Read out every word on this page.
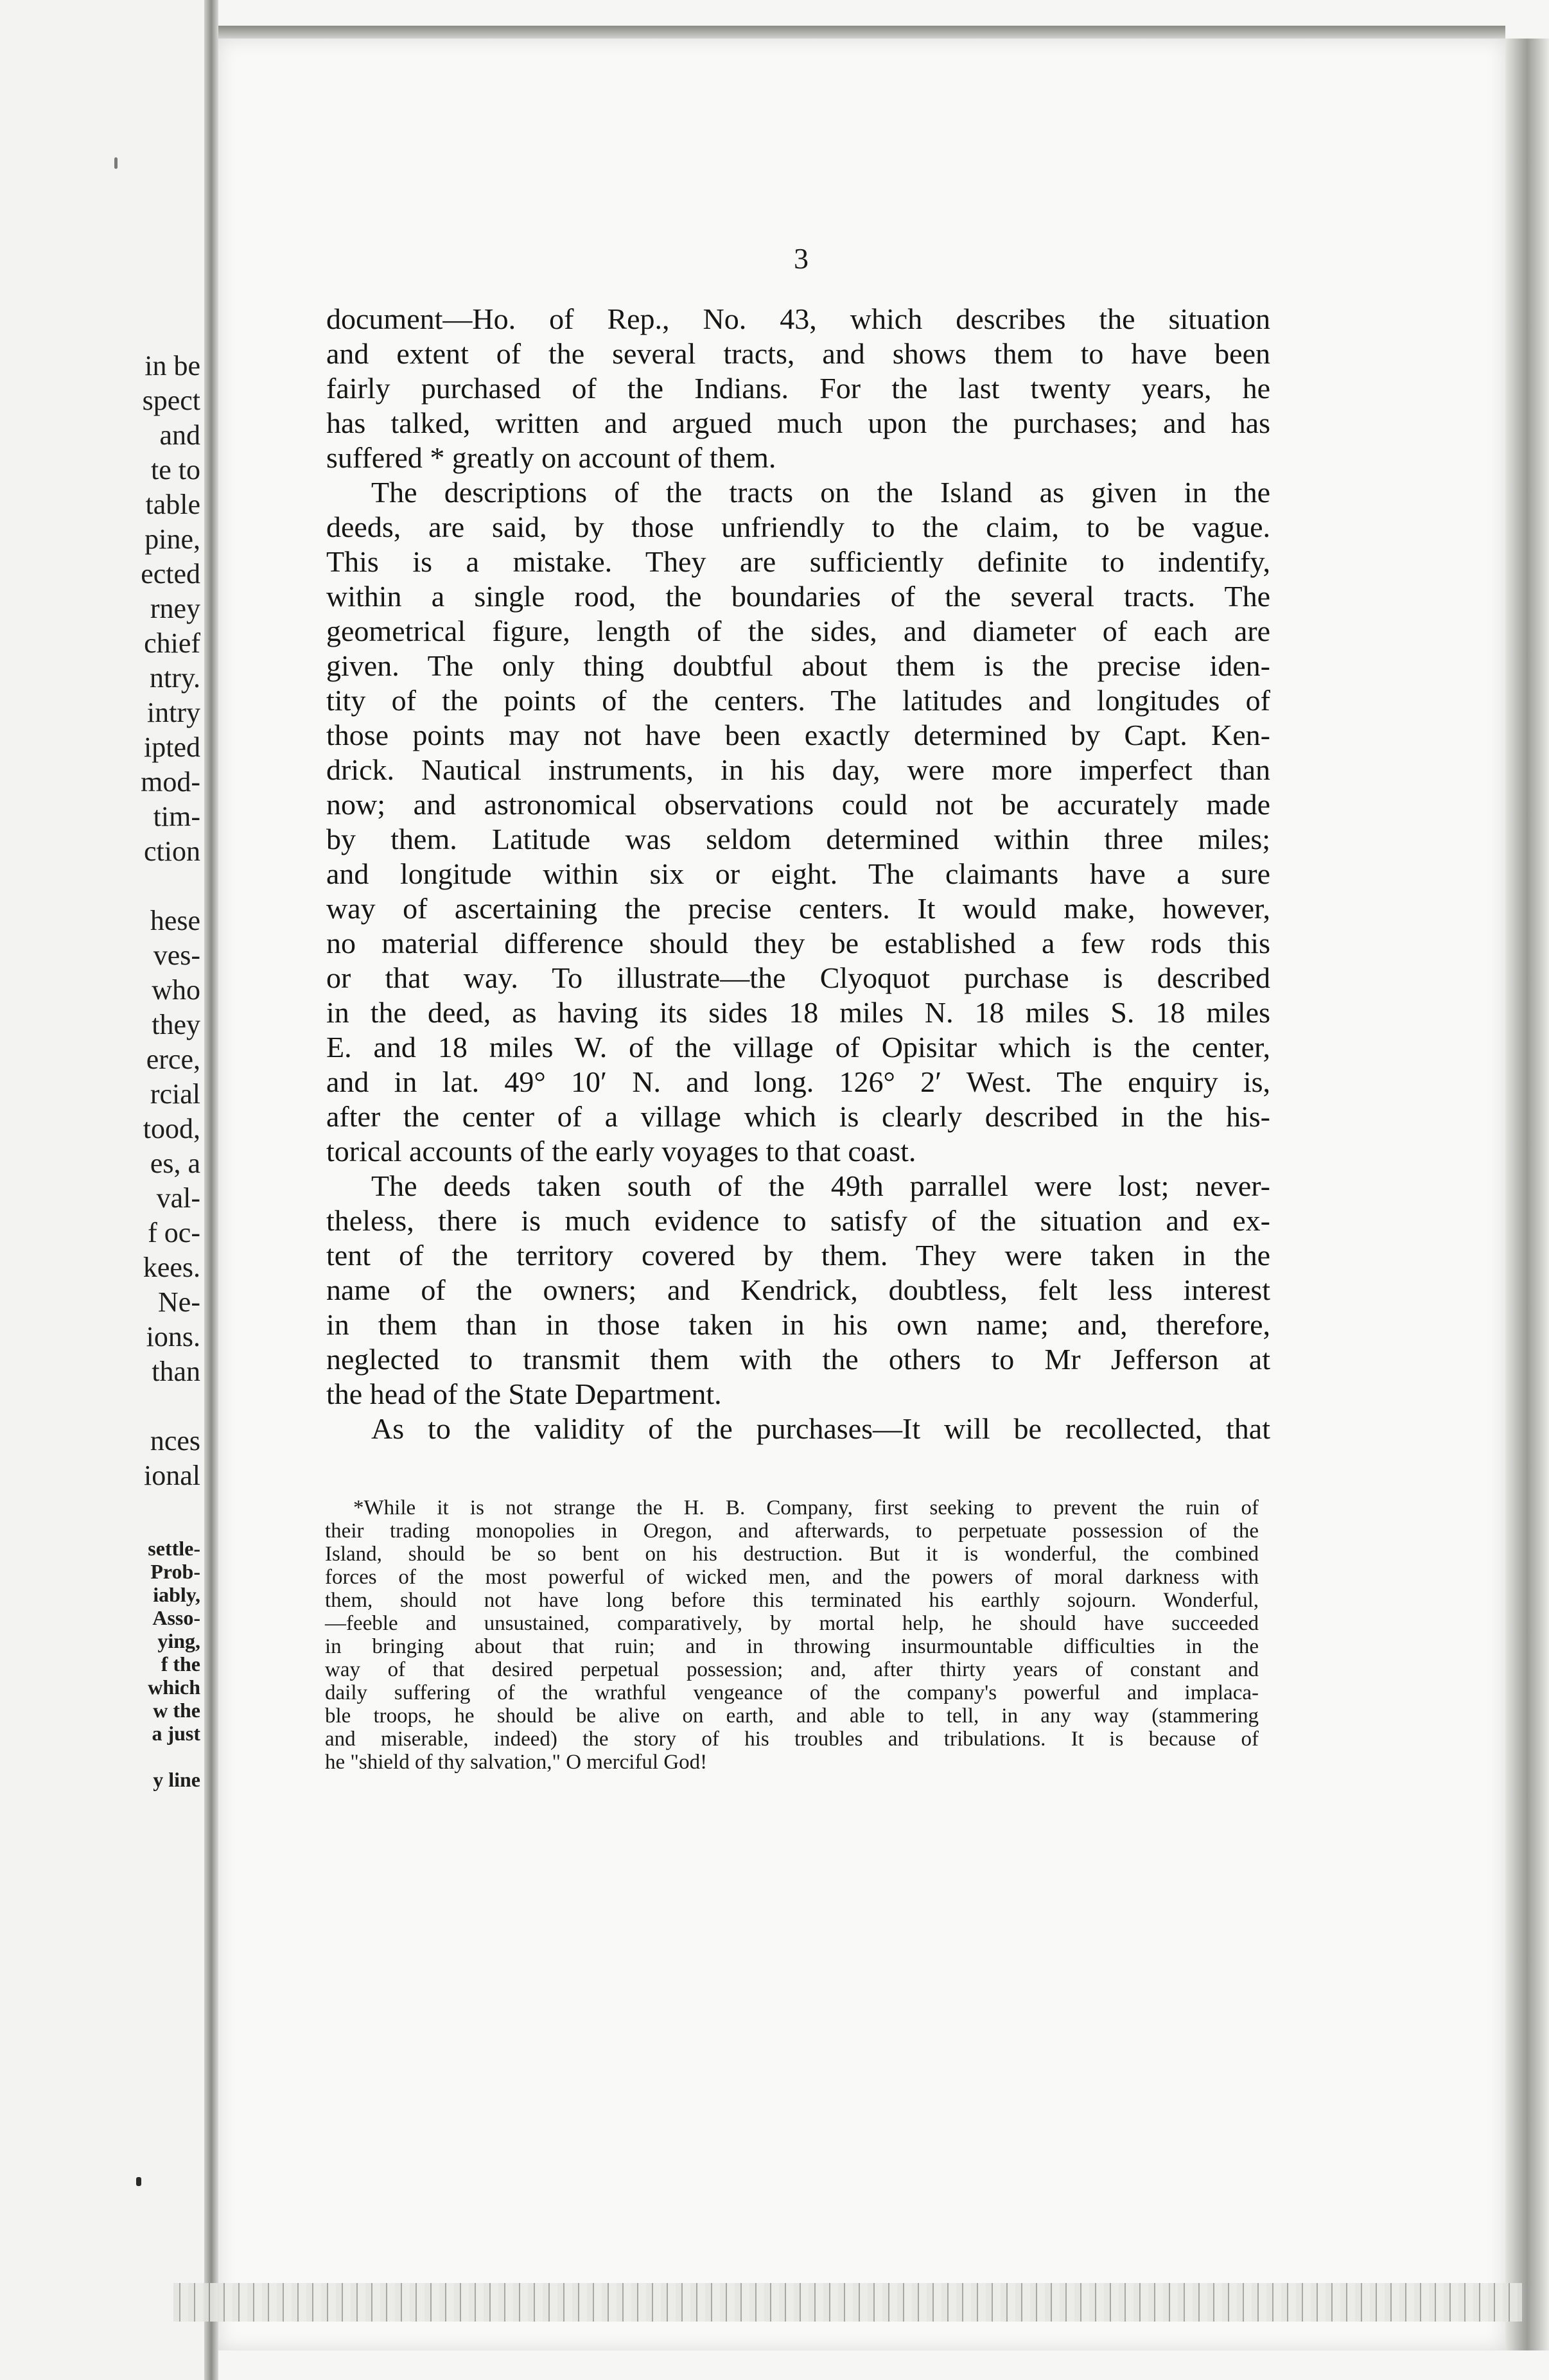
in be
spect
and
te to
table
pine,
ected
rney
chief
ntry.
intry
ipted
mod-
tim-
ction
hese
ves-
who
they
erce,
rcial
tood,
es, a
val-
f oc-
kees.
Ne-
ions.
than
nces
ional
settle-
Prob-
iably,
Asso-
ying,
f the
which
w the
a just
y line
3
document—Ho. of Rep., No. 43, which describes the situation
and extent of the several tracts, and shows them to have been
fairly purchased of the Indians. For the last twenty years, he
has talked, written and argued much upon the purchases; and has
suffered * greatly on account of them.
The descriptions of the tracts on the Island as given in the
deeds, are said, by those unfriendly to the claim, to be vague.
This is a mistake. They are sufficiently definite to indentify,
within a single rood, the boundaries of the several tracts. The
geometrical figure, length of the sides, and diameter of each are
given. The only thing doubtful about them is the precise iden-
tity of the points of the centers. The latitudes and longitudes of
those points may not have been exactly determined by Capt. Ken-
drick. Nautical instruments, in his day, were more imperfect than
now; and astronomical observations could not be accurately made
by them. Latitude was seldom determined within three miles;
and longitude within six or eight. The claimants have a sure
way of ascertaining the precise centers. It would make, however,
no material difference should they be established a few rods this
or that way. To illustrate—the Clyoquot purchase is described
in the deed, as having its sides 18 miles N. 18 miles S. 18 miles
E. and 18 miles W. of the village of Opisitar which is the center,
and in lat. 49° 10′ N. and long. 126° 2′ West. The enquiry is,
after the center of a village which is clearly described in the his-
torical accounts of the early voyages to that coast.
The deeds taken south of the 49th parrallel were lost; never-
theless, there is much evidence to satisfy of the situation and ex-
tent of the territory covered by them. They were taken in the
name of the owners; and Kendrick, doubtless, felt less interest
in them than in those taken in his own name; and, therefore,
neglected to transmit them with the others to Mr Jefferson at
the head of the State Department.
As to the validity of the purchases—It will be recollected, that
*While it is not strange the H. B. Company, first seeking to prevent the ruin of
their trading monopolies in Oregon, and afterwards, to perpetuate possession of the
Island, should be so bent on his destruction. But it is wonderful, the combined
forces of the most powerful of wicked men, and the powers of moral darkness with
them, should not have long before this terminated his earthly sojourn. Wonderful,
—feeble and unsustained, comparatively, by mortal help, he should have succeeded
in bringing about that ruin; and in throwing insurmountable difficulties in the
way of that desired perpetual possession; and, after thirty years of constant and
daily suffering of the wrathful vengeance of the company's powerful and implaca-
ble troops, he should be alive on earth, and able to tell, in any way (stammering
and miserable, indeed) the story of his troubles and tribulations. It is because of
he "shield of thy salvation," O merciful God!
